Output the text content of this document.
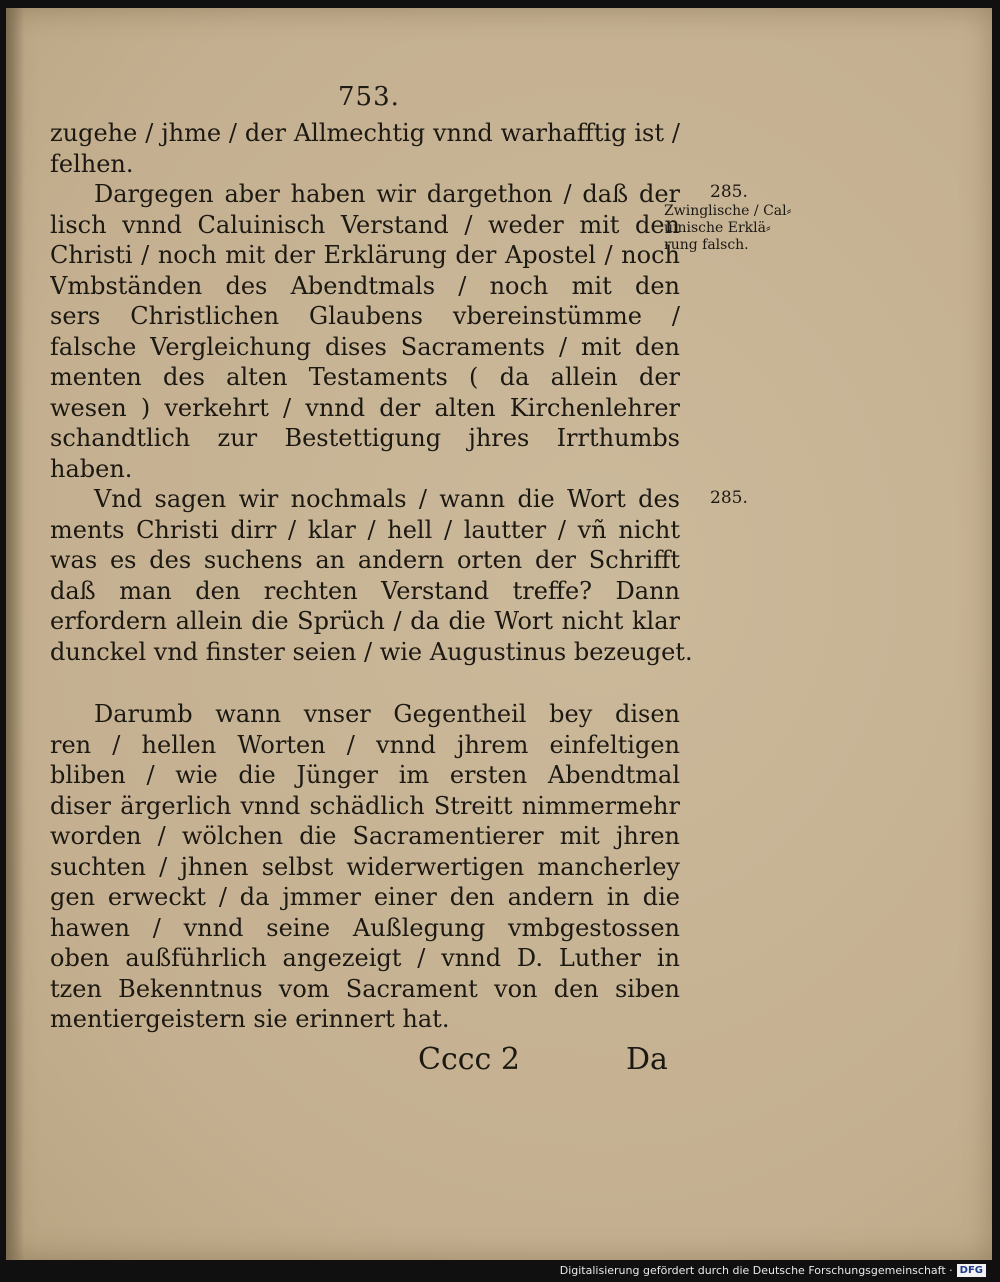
753.
zugehe / jhme / der Allmechtig vnnd warhafftig ist /
felhen.
Dargegen aber haben wir dargethon / daß der
lisch vnnd Caluinisch Verstand / weder mit den
Christi / noch mit der Erklärung der Apostel / noch
Vmbständen des Abendtmals / noch mit den
sers Christlichen Glaubens vbereinstümme /
falsche Vergleichung dises Sacraments / mit den
menten des alten Testaments ( da allein der
wesen ) verkehrt / vnnd der alten Kirchenlehrer
schandtlich zur Bestettigung jhres Irrthumbs
haben.
Vnd sagen wir nochmals / wann die Wort des
ments Christi dirr / klar / hell / lautter / vñ nicht
was es des suchens an andern orten der Schrifft
daß man den rechten Verstand treffe? Dann
erfordern allein die Sprüch / da die Wort nicht klar
dunckel vnd finster seien / wie Augustinus bezeuget.
Darumb wann vnser Gegentheil bey disen
ren / hellen Worten / vnnd jhrem einfeltigen
bliben / wie die Jünger im ersten Abendtmal
diser ärgerlich vnnd schädlich Streitt nimmermehr
worden / wölchen die Sacramentierer mit jhren
suchten / jhnen selbst widerwertigen mancherley
gen erweckt / da jmmer einer den andern in die
hawen / vnnd seine Außlegung vmbgestossen
oben außführlich angezeigt / vnnd D. Luther in
tzen Bekenntnus vom Sacrament von den siben
mentiergeistern sie erinnert hat.
285.
Zwinglische / Cal⸗
uinische Erklä⸗
rung falsch.
285.
Cccc 2	Da
Digitalisierung gefördert durch die Deutsche Forschungsgemeinschaft · DFG
